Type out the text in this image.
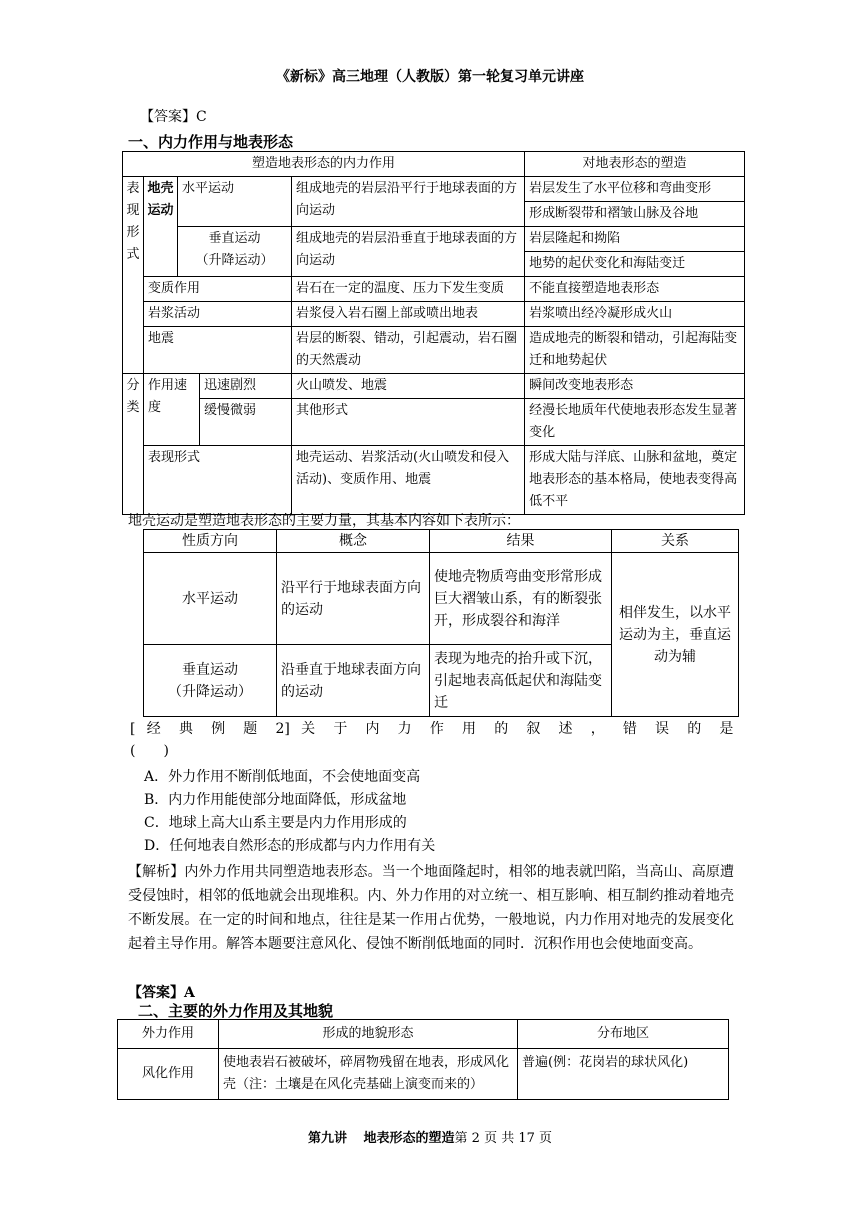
《新标》高三地理（人教版）第一轮复习单元讲座
【答案】C
一、内力作用与地表形态
塑造地表形态的内力作用					对地表形态的塑造
表现形式	地壳运动	水平运动		组成地壳的岩层沿平行于地球表面的方向运动	岩层发生了水平位移和弯曲变形
					形成断裂带和褶皱山脉及谷地
		垂直运动
（升降运动）		组成地壳的岩层沿垂直于地球表面的方向运动	岩层隆起和拗陷
					地势的起伏变化和海陆变迁
	变质作用			岩石在一定的温度、压力下发生变质	不能直接塑造地表形态
	岩浆活动			岩浆侵入岩石圈上部或喷出地表	岩浆喷出经冷凝形成火山
	地震			岩层的断裂、错动，引起震动，岩石圈的天然震动	造成地壳的断裂和错动，引起海陆变迁和地势起伏
分类	作用速度		迅速剧烈	火山喷发、地震	瞬间改变地表形态
			缓慢微弱	其他形式	经漫长地质年代使地表形态发生显著变化
	表现形式			地壳运动、岩浆活动(火山喷发和侵入活动)、变质作用、地震	形成大陆与洋底、山脉和盆地，奠定地表形态的基本格局，使地表变得高低不平
地壳运动是塑造地表形态的主要力量，其基本内容如下表所示：
性质方向	概念	结果	关系
水平运动	沿平行于地球表面方向的运动	使地壳物质弯曲变形常形成巨大褶皱山系，有的断裂张开，形成裂谷和海洋	相伴发生，以水平运动为主，垂直运动为辅
垂直运动
（升降运动）	沿垂直于地球表面方向的运动	表现为地壳的抬升或下沉，引起地表高低起伏和海陆变迁	
[ 经 典 例 题 2] 关 于 内 力 作 用 的 叙 述 ， 错 误 的 是
(　　)
A．外力作用不断削低地面，不会使地面变高
B．内力作用能使部分地面降低，形成盆地
C．地球上高大山系主要是内力作用形成的
D．任何地表自然形态的形成都与内力作用有关
【解析】内外力作用共同塑造地表形态。当一个地面隆起时，相邻的地表就凹陷，当高山、高原遭受侵蚀时，相邻的低地就会出现堆积。内、外力作用的对立统一、相互影响、相互制约推动着地壳不断发展。在一定的时间和地点，往往是某一作用占优势，一般地说，内力作用对地壳的发展变化起着主导作用。解答本题要注意风化、侵蚀不断削低地面的同时．沉积作用也会使地面变高。
【答案】A
二、主要的外力作用及其地貌
外力作用	形成的地貌形态	分布地区
风化作用	使地表岩石被破坏，碎屑物残留在地表，形成风化壳（注：土壤是在风化壳基础上演变而来的）	普遍(例：花岗岩的球状风化)
第九讲 地表形态的塑造第 2 页 共 17 页
